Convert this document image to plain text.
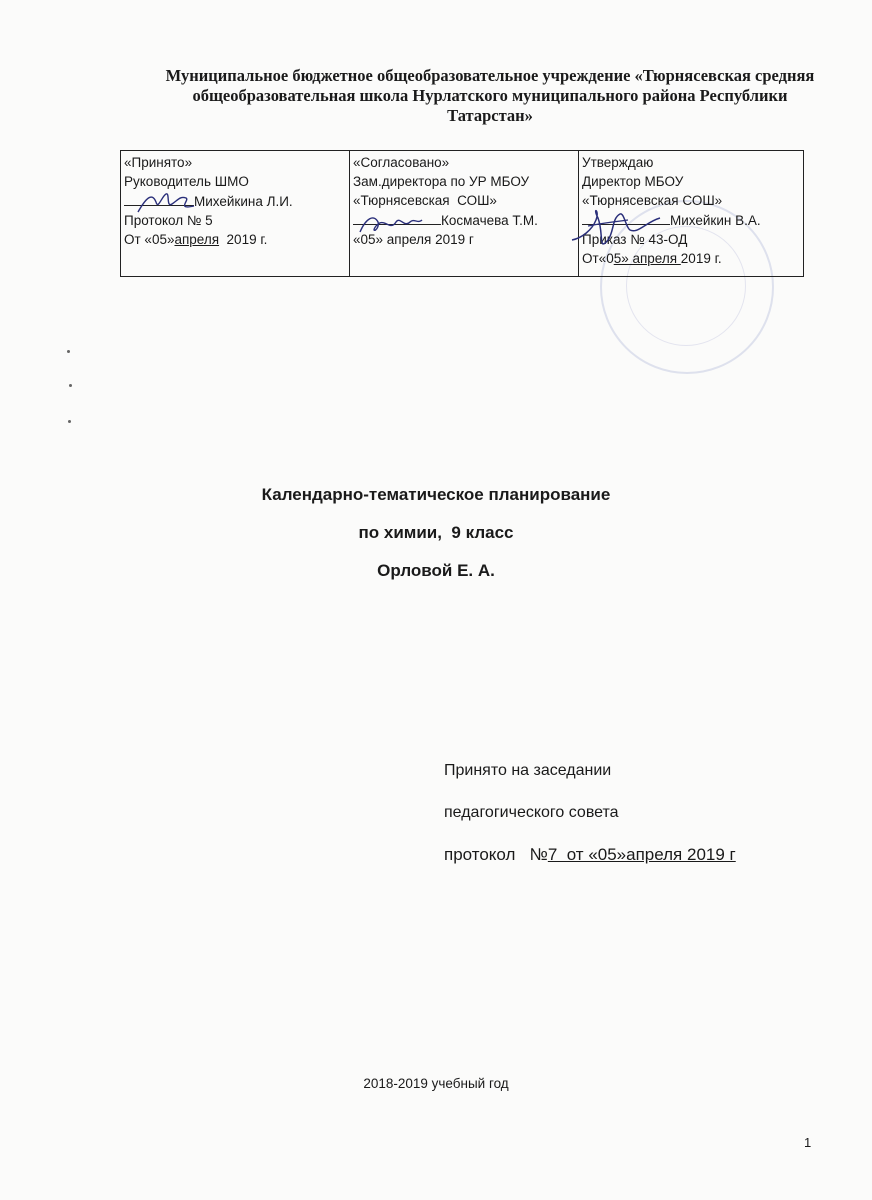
Муниципальное бюджетное общеобразовательное учреждение «Тюрнясевская средняя
общеобразовательная школа Нурлатского муниципального района Республики
Татарстан»
«Принято»
Руководитель ШМО
Михейкина Л.И.
Протокол № 5
От «05»апреля  2019 г.

«Согласовано»
Зам.директора по УР МБОУ
«Тюрнясевская  СОШ»
Космачева Т.М.
«05» апреля 2019 г

Утверждаю
Директор МБОУ
«Тюрнясевская СОШ»
Михейкин В.А.
Приказ № 43-ОД
От«05» апреля 2019 г.
Календарно-тематическое планирование
по химии,  9 класс
Орловой Е. А.
Принято на заседании
педагогического совета
протокол   №7  от «05»апреля 2019 г
2018-2019 учебный год
1
